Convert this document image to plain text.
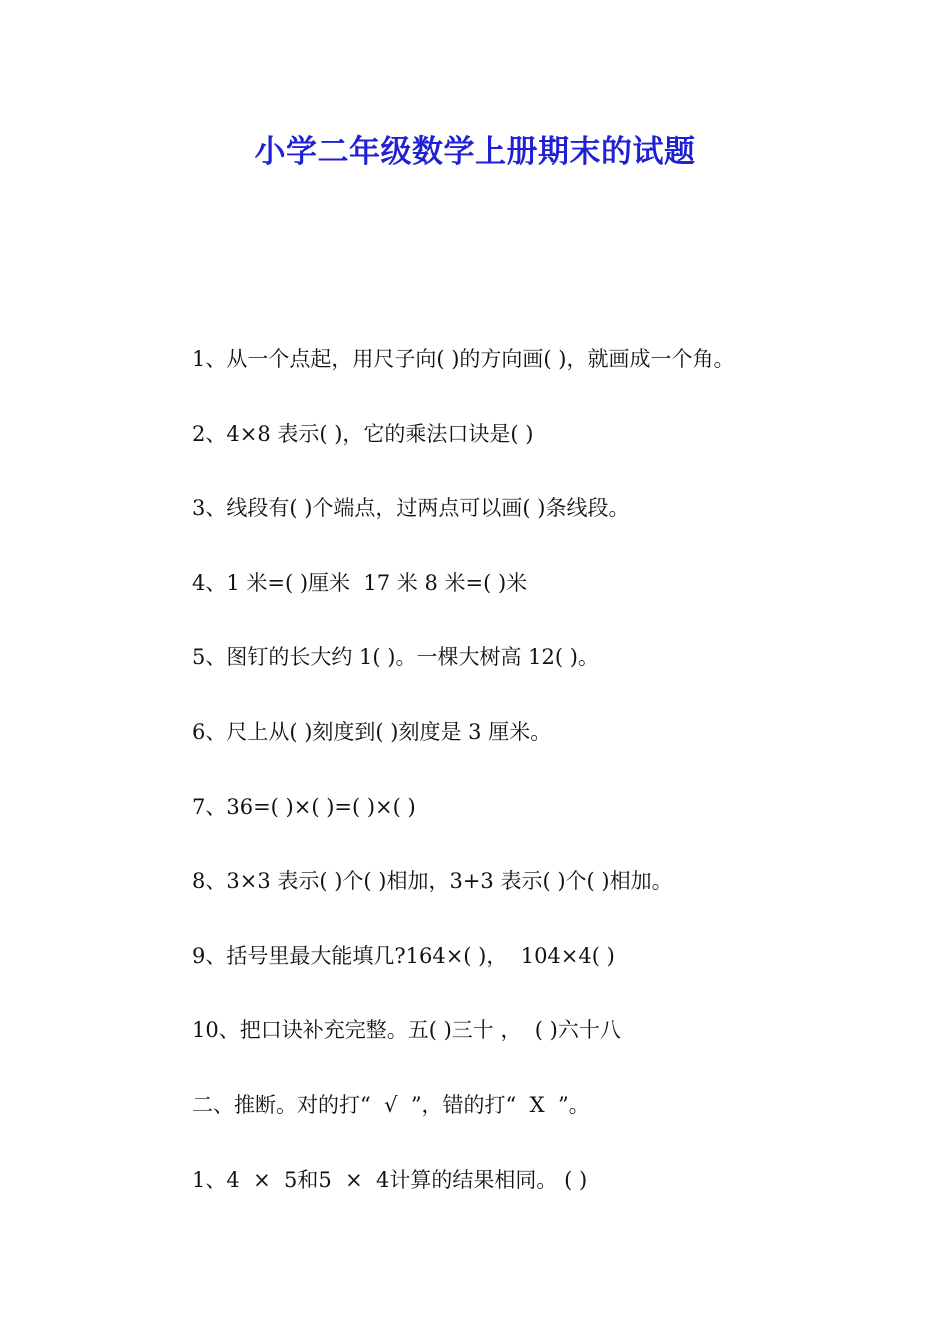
小学二年级数学上册期末的试题
1、从一个点起，用尺子向( )的方向画( )，就画成一个角。
2、4×8 表示( )，它的乘法口诀是( )
3、线段有( )个端点，过两点可以画( )条线段。
4、1 米=( )厘米  17 米 8 米=( )米
5、图钉的长大约 1( )。一棵大树高 12( )。
6、尺上从( )刻度到( )刻度是 3 厘米。
7、36=( )×( )=( )×( )
8、3×3 表示( )个( )相加，3+3 表示( )个( )相加。
9、括号里最大能填几?164×( )，  104×4( )
10、把口诀补充完整。五( )三十 ，  ( )六十八
二、推断。对的打“  √  ”，错的打“  X  ”。
1、4  ×  5和5  ×  4计算的结果相同。 ( )
